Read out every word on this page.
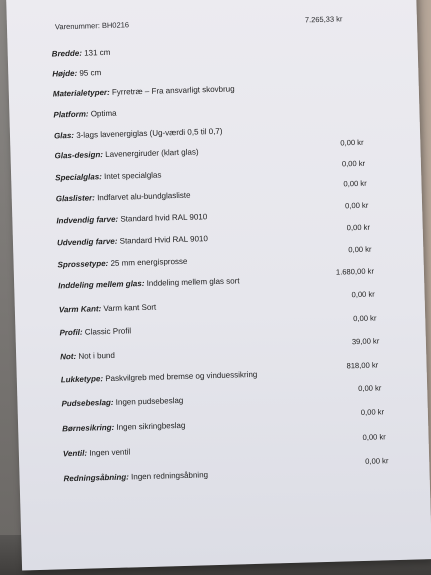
Varenummer: BH0216
7.265,33 kr
Bredde: 131 cm
Højde: 95 cm
Materialetyper: Fyrretræ – Fra ansvarligt skovbrug
Platform: Optima
Glas: 3-lags lavenergiglas (Ug-værdi 0,5 til 0,7)
Glas-design: Lavenergiruder (klart glas)
0,00 kr
Specialglas: Intet specialglas
0,00 kr
Glaslister: Indfarvet alu-bundglasliste
0,00 kr
Indvendig farve: Standard hvid RAL 9010
0,00 kr
Udvendig farve: Standard Hvid RAL 9010
0,00 kr
Sprossetype: 25 mm energisprosse
0,00 kr
Inddeling mellem glas: Inddeling mellem glas sort
1.680,00 kr
Varm Kant: Varm kant Sort
0,00 kr
Profil: Classic Profil
0,00 kr
Not: Not i bund
39,00 kr
Lukketype: Paskvilgreb med bremse og vinduessikring
818,00 kr
Pudsebeslag: Ingen pudsebeslag
0,00 kr
Børnesikring: Ingen sikringbeslag
0,00 kr
Ventil: Ingen ventil
0,00 kr
Redningsåbning: Ingen redningsåbning
0,00 kr
